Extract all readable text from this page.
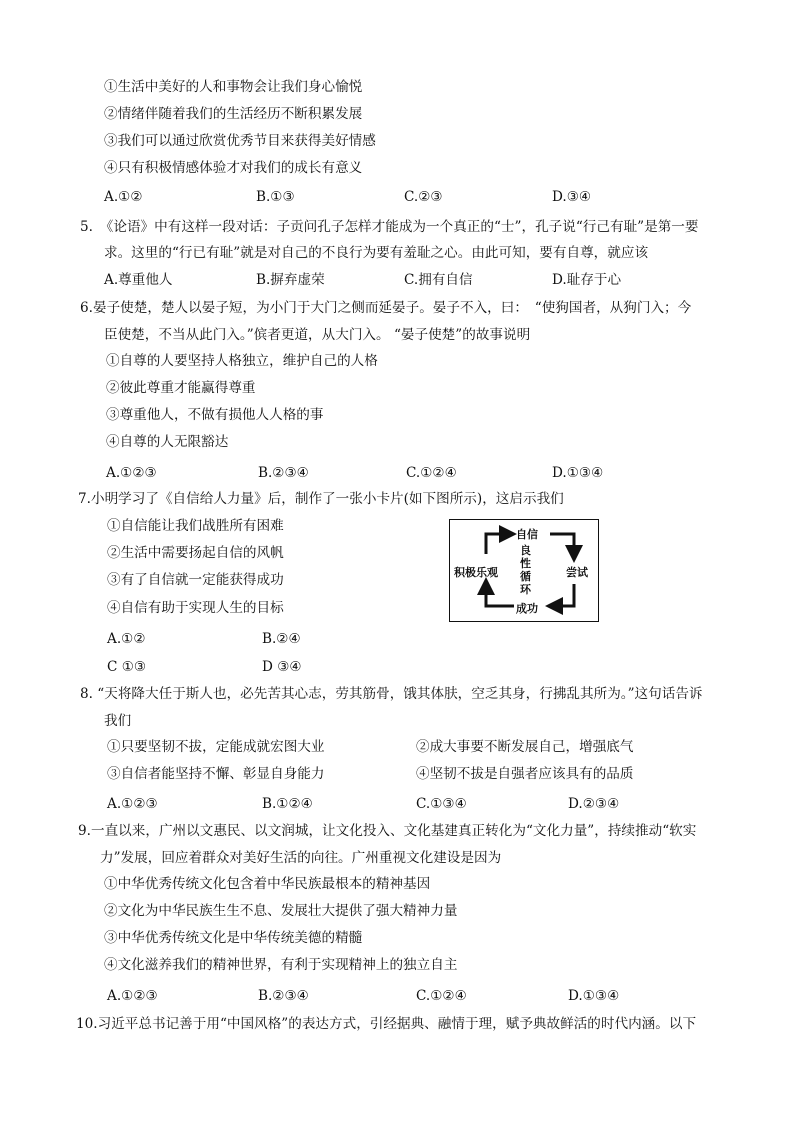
①生活中美好的人和事物会让我们身心愉悦
②情绪伴随着我们的生活经历不断积累发展
③我们可以通过欣赏优秀节目来获得美好情感
④只有积极情感体验才对我们的成长有意义
A.①②	B.①③	C.②③	D.③④
5.　《论语》中有这样一段对话：子贡问孔子怎样才能成为一个真正的“士”，孔子说“行己有耻”是第一要
求。这里的“行已有耻”就是对自己的不良行为要有羞耻之心。由此可知，要有自尊，就应该
A.尊重他人	B.摒弃虚荣	C.拥有自信	D.耻存于心
6.晏子使楚，楚人以晏子短，为小门于大门之侧而延晏子。晏子不入，曰：　“使狗国者，从狗门入；今
臣使楚，不当从此门入。”傧者更道，从大门入。 “晏子使楚”的故事说明
①自尊的人要坚持人格独立，维护自己的人格
②彼此尊重才能赢得尊重
③尊重他人，不做有损他人人格的事
④自尊的人无限豁达
A.①②③	B.②③④	C.①②④	D.①③④
7.小明学习了《自信给人力量》后，制作了一张小卡片(如下图所示)，这启示我们
①自信能让我们战胜所有困难
②生活中需要扬起自信的风帆
③有了自信就一定能获得成功
④自信有助于实现人生的目标
A.①②	B.②④
C ①③	D ③④
自信
尝试
成功
积极乐观
良
性
循
环
8. “天将降大任于斯人也，必先苦其心志，劳其筋骨，饿其体肤，空乏其身，行拂乱其所为。”这句话告诉
我们
①只要坚韧不拔，定能成就宏图大业	②成大事要不断发展自己，增强底气
③自信者能坚持不懈、彰显自身能力	④坚韧不拔是自强者应该具有的品质
A.①②③	B.①②④	C.①③④	D.②③④
9.一直以来，广州以文惠民、以文润城，让文化投入、文化基建真正转化为“文化力量”，持续推动“软实
力”发展，回应着群众对美好生活的向往。广州重视文化建设是因为
①中华优秀传统文化包含着中华民族最根本的精神基因
②文化为中华民族生生不息、发展壮大提供了强大精神力量
③中华优秀传统文化是中华传统美德的精髓
④文化滋养我们的精神世界，有利于实现精神上的独立自主
A.①②③	B.②③④	C.①②④	D.①③④
10.习近平总书记善于用“中国风格”的表达方式，引经据典、融情于理，赋予典故鲜活的时代内涵。以下
